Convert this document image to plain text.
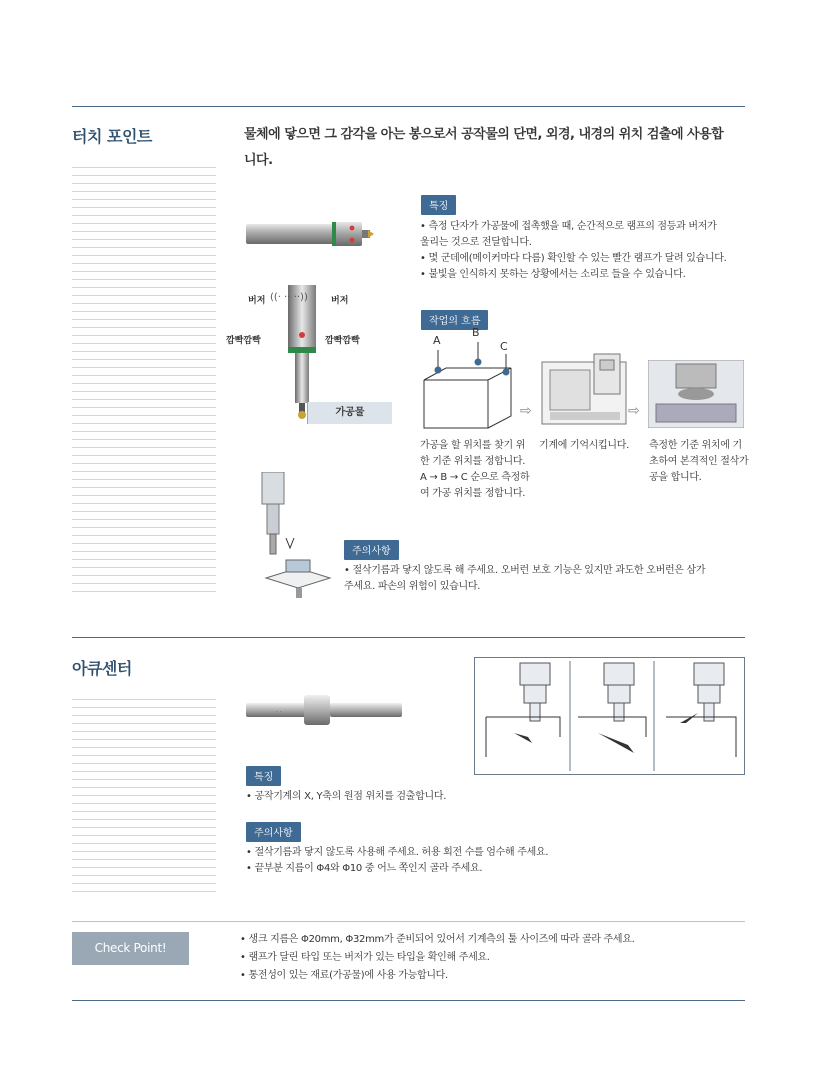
터치 포인트	물체에 닿으면 그 감각을 아는 봉으로서 공작물의 단면, 외경, 내경의 위치 검출에 사용합니다.
특징

• 측정 단자가 가공물에 접촉했을 때, 순간적으로 램프의 점등과 버저가

울리는 것으로 전달합니다.

• 몇 군데에(메이커마다 다름) 확인할 수 있는 빨간 램프가 달려 있습니다.

• 불빛을 인식하지 못하는 상황에서는 소리로 들을 수 있습니다.

버저 ((· ·· ··))	버저
깜빡깜빡	깜빡깜빡
가공물
작업의 흐름
A
B
C
⇨	⇨
가공을 할 위치를 찾기 위한 기준 위치를 정합니다. A → B → C 순으로 측정하여 가공 위치를 정합니다.
기계에 기억시킵니다.	측정한 기준 위치에 기초하여 본격적인 절삭가공을 합니다.
주의사항

• 절삭기름과 닿지 않도록 해 주세요. 오버런 보호 기능은 있지만 과도한 오버런은 삼가

주세요. 파손의 위험이 있습니다.

아큐센터
· ·
특징

• 공작기계의 X, Y축의 원점 위치를 검출합니다.

주의사항

• 절삭기름과 닿지 않도록 사용해 주세요. 허용 회전 수를 엄수해 주세요.

• 끝부분 지름이 Φ4와 Φ10 중 어느 쪽인지 골라 주세요.

Check Point!

• 생크 지름은 Φ20mm, Φ32mm가 준비되어 있어서 기계측의 툴 사이즈에 따라 골라 주세요.

• 램프가 달린 타입 또는 버저가 있는 타입을 확인해 주세요.

• 통전성이 있는 재료(가공물)에 사용 가능합니다.
